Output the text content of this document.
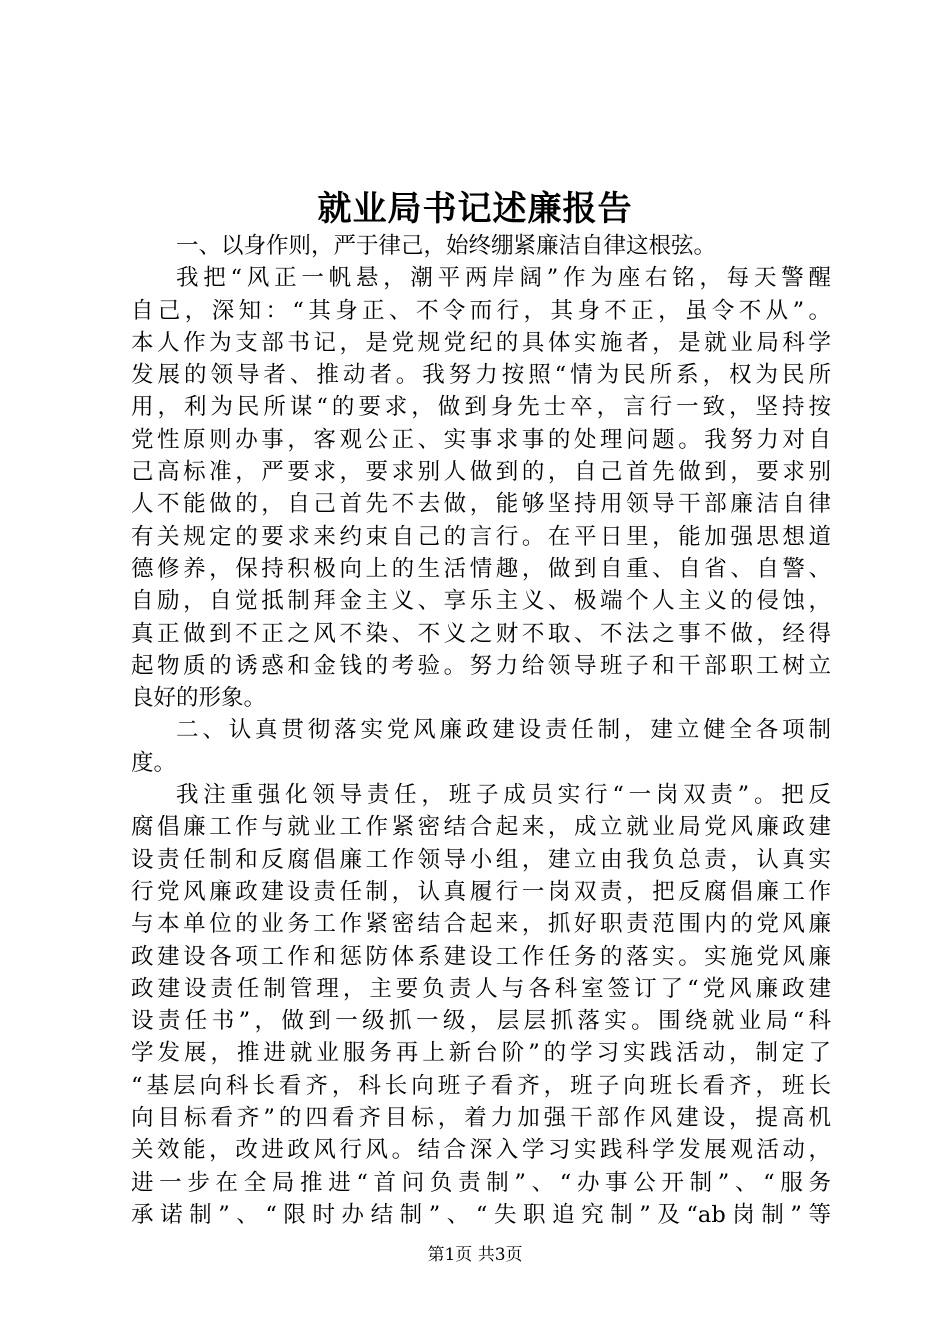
就业局书记述廉报告
一、以身作则，严于律己，始终绷紧廉洁自律这根弦。
我把“风正一帆悬，潮平两岸阔”作为座右铭，每天警醒
自己，深知：“其身正、不令而行，其身不正，虽令不从”。
本人作为支部书记，是党规党纪的具体实施者，是就业局科学
发展的领导者、推动者。我努力按照“情为民所系，权为民所
用，利为民所谋“的要求，做到身先士卒，言行一致，坚持按
党性原则办事，客观公正、实事求事的处理问题。我努力对自
己高标准，严要求，要求别人做到的，自己首先做到，要求别
人不能做的，自己首先不去做，能够坚持用领导干部廉洁自律
有关规定的要求来约束自己的言行。在平日里，能加强思想道
德修养，保持积极向上的生活情趣，做到自重、自省、自警、
自励，自觉抵制拜金主义、享乐主义、极端个人主义的侵蚀，
真正做到不正之风不染、不义之财不取、不法之事不做，经得
起物质的诱惑和金钱的考验。努力给领导班子和干部职工树立
良好的形象。
二、认真贯彻落实党风廉政建设责任制，建立健全各项制
度。
我注重强化领导责任，班子成员实行“一岗双责”。把反
腐倡廉工作与就业工作紧密结合起来，成立就业局党风廉政建
设责任制和反腐倡廉工作领导小组，建立由我负总责，认真实
行党风廉政建设责任制，认真履行一岗双责，把反腐倡廉工作
与本单位的业务工作紧密结合起来，抓好职责范围内的党风廉
政建设各项工作和惩防体系建设工作任务的落实。实施党风廉
政建设责任制管理，主要负责人与各科室签订了“党风廉政建
设责任书”，做到一级抓一级，层层抓落实。围绕就业局“科
学发展，推进就业服务再上新台阶”的学习实践活动，制定了
“基层向科长看齐，科长向班子看齐，班子向班长看齐，班长
向目标看齐”的四看齐目标，着力加强干部作风建设，提高机
关效能，改进政风行风。结合深入学习实践科学发展观活动，
进一步在全局推进“首问负责制”、“办事公开制”、“服务
承诺制”、“限时办结制”、“失职追究制”及“ab岗制”等
第1页 共3页
